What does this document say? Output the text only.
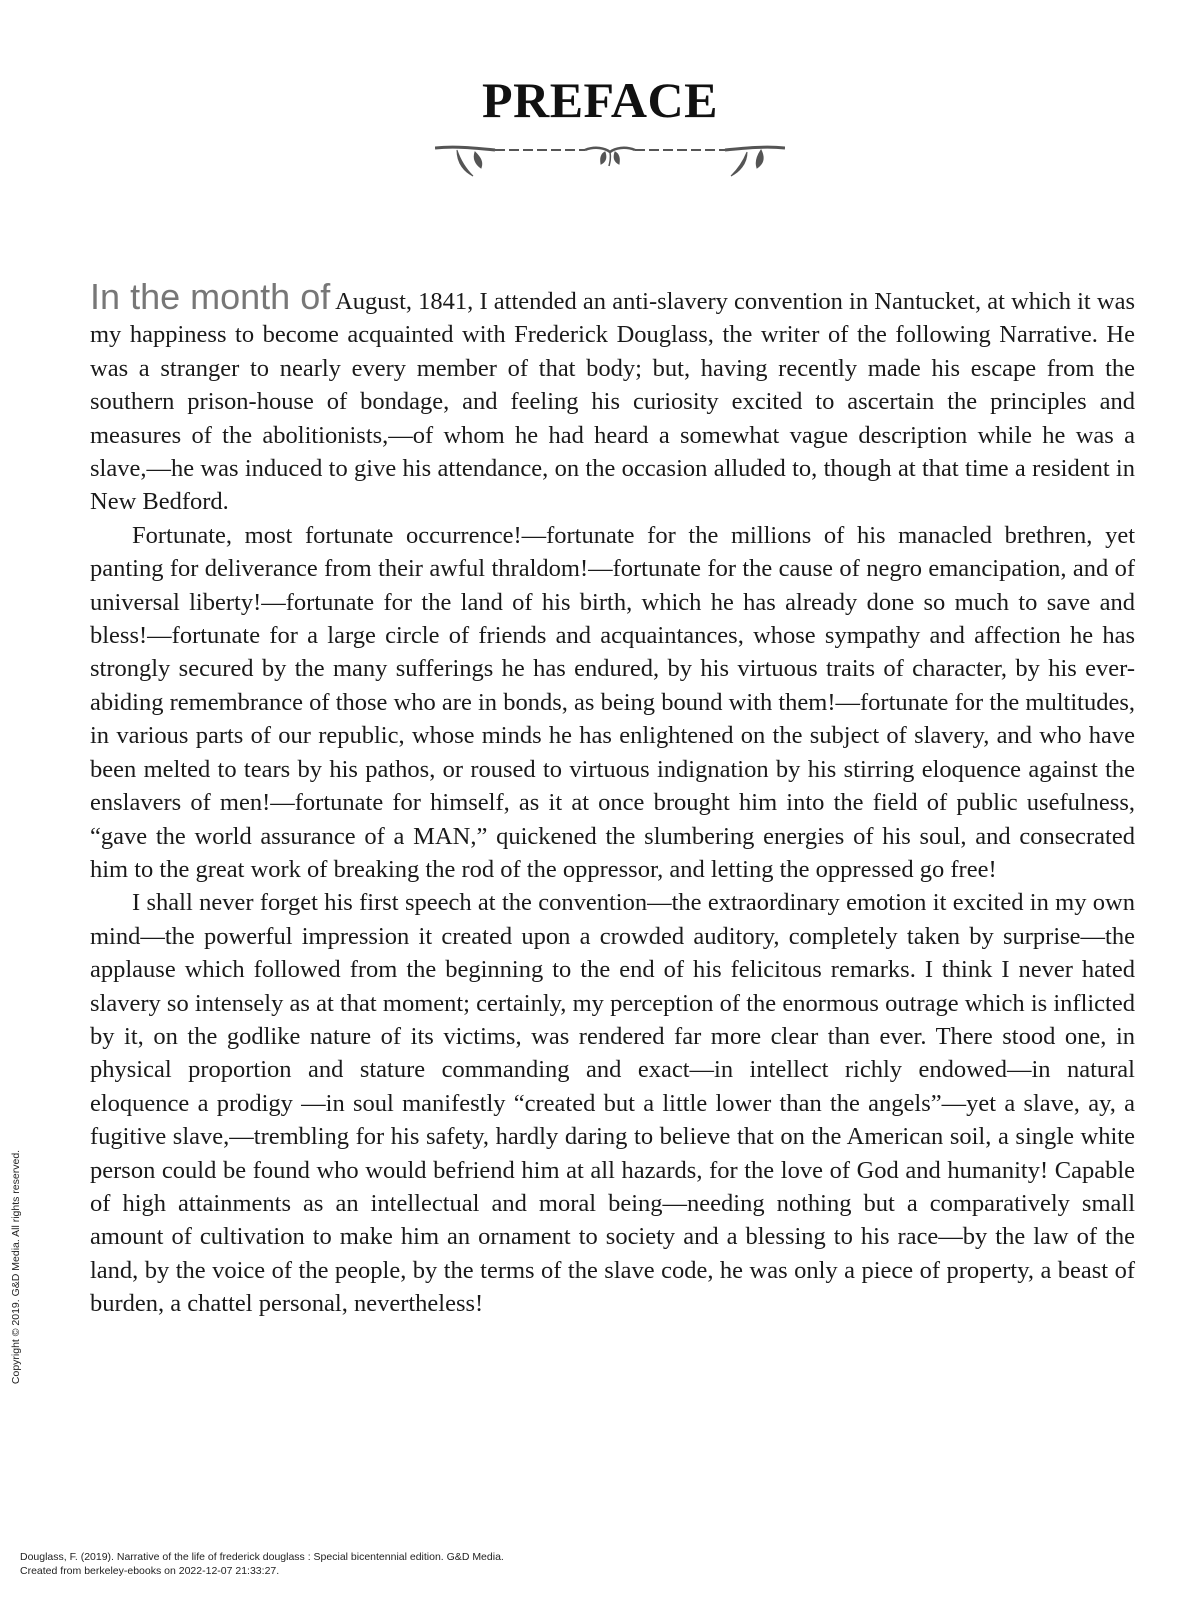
PREFACE

In the month of August, 1841, I attended an anti-slavery convention in Nantucket, at which it was my happiness to become acquainted with Frederick Douglass, the writer of the following Narrative. He was a stranger to nearly every member of that body; but, having recently made his escape from the southern prison-house of bondage, and feeling his curiosity excited to ascertain the principles and measures of the abolitionists,—of whom he had heard a somewhat vague description while he was a slave,—he was induced to give his attendance, on the occasion alluded to, though at that time a resident in New Bedford.

Fortunate, most fortunate occurrence!—fortunate for the millions of his manacled brethren, yet panting for deliverance from their awful thraldom!—fortunate for the cause of negro emancipation, and of universal liberty!—fortunate for the land of his birth, which he has already done so much to save and bless!—fortunate for a large circle of friends and acquaintances, whose sympathy and affection he has strongly secured by the many sufferings he has endured, by his virtuous traits of character, by his ever-abiding remembrance of those who are in bonds, as being bound with them!—fortunate for the multitudes, in various parts of our republic, whose minds he has enlightened on the subject of slavery, and who have been melted to tears by his pathos, or roused to virtuous indignation by his stirring eloquence against the enslavers of men!—fortunate for himself, as it at once brought him into the field of public usefulness, “gave the world assurance of a MAN,” quickened the slumbering energies of his soul, and consecrated him to the great work of breaking the rod of the oppressor, and letting the oppressed go free!

I shall never forget his first speech at the convention—the extraordinary emotion it excited in my own mind—the powerful impression it created upon a crowded auditory, completely taken by surprise—the applause which followed from the beginning to the end of his felicitous remarks. I think I never hated slavery so intensely as at that moment; certainly, my perception of the enormous outrage which is inflicted by it, on the godlike nature of its victims, was rendered far more clear than ever. There stood one, in physical proportion and stature commanding and exact—in intellect richly endowed—in natural eloquence a prodigy —in soul manifestly “created but a little lower than the angels”—yet a slave, ay, a fugitive slave,—trembling for his safety, hardly daring to believe that on the American soil, a single white person could be found who would befriend him at all hazards, for the love of God and humanity! Capable of high attainments as an intellectual and moral being—needing nothing but a comparatively small amount of cultivation to make him an ornament to society and a blessing to his race—by the law of the land, by the voice of the people, by the terms of the slave code, he was only a piece of property, a beast of burden, a chattel personal, nevertheless!

Copyright © 2019. G&D Media. All rights reserved.
Douglass, F. (2019). Narrative of the life of frederick douglass : Special bicentennial edition. G&D Media.
Created from berkeley-ebooks on 2022-12-07 21:33:27.
